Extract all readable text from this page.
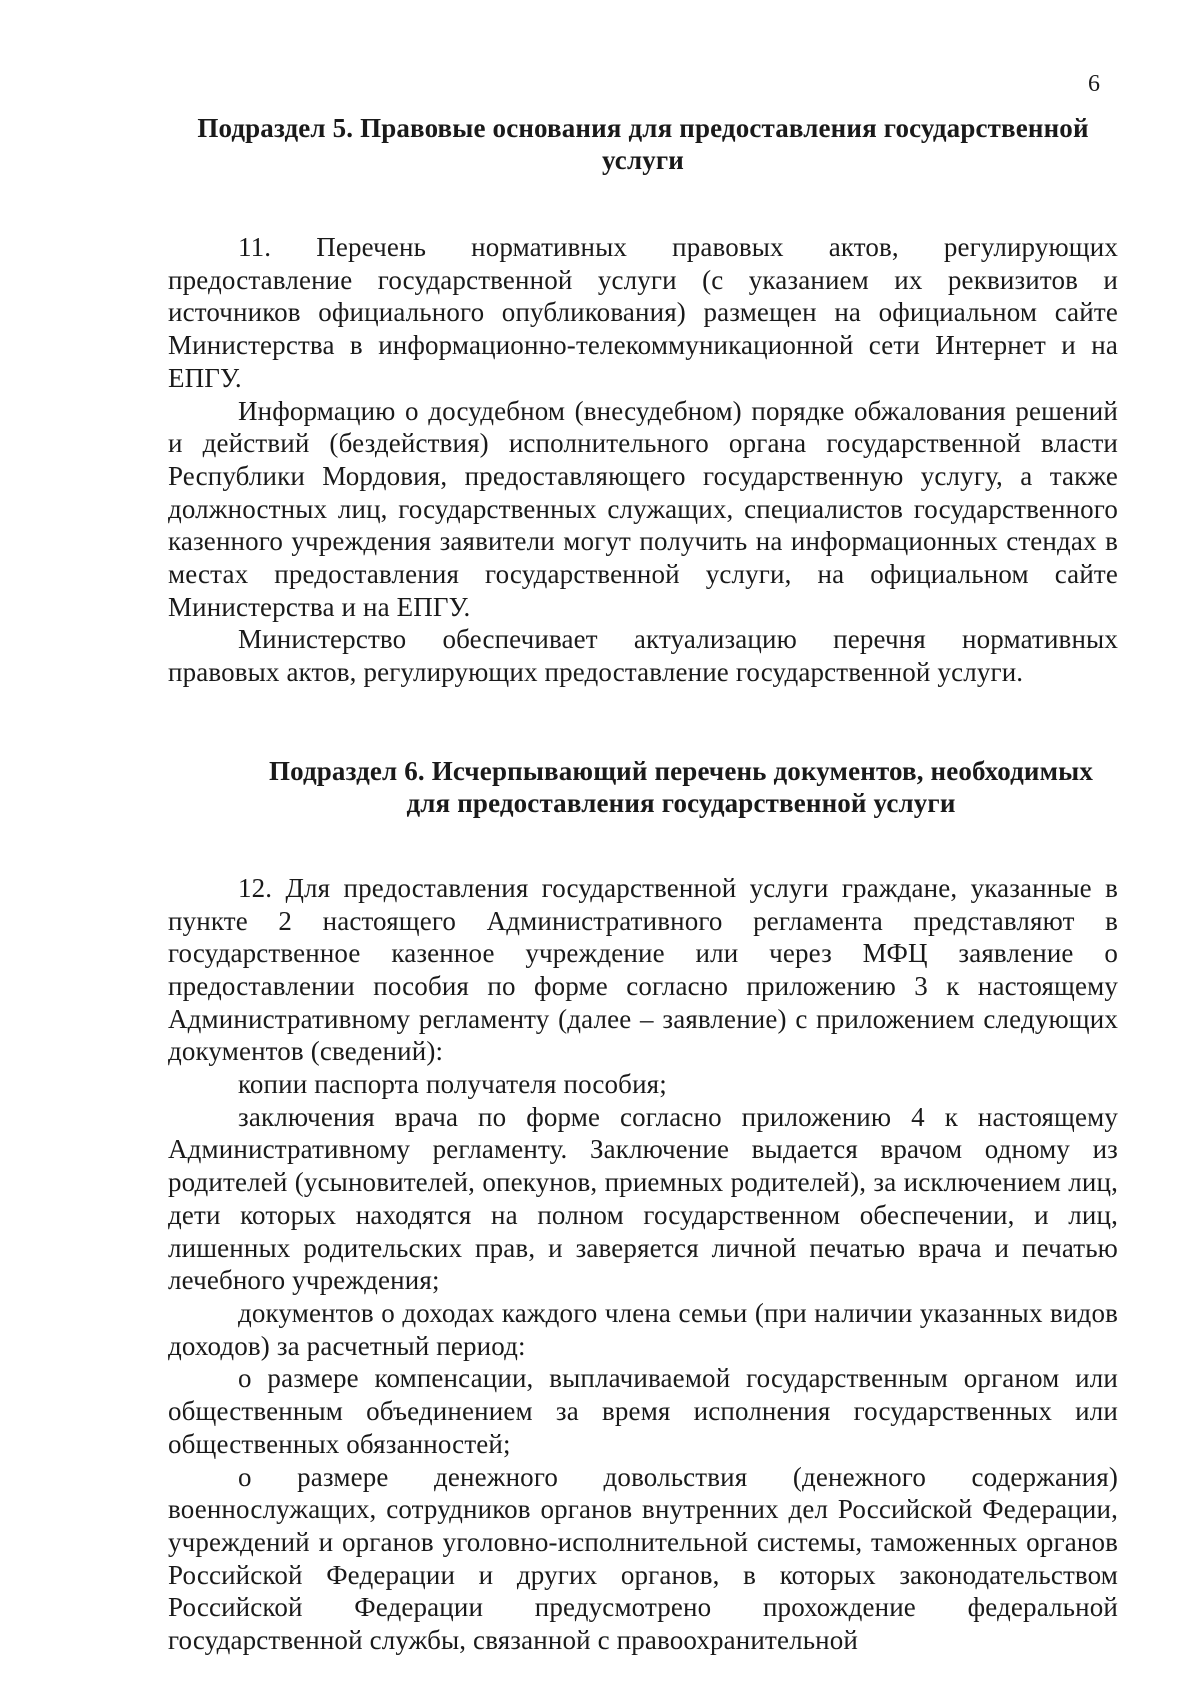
6
Подраздел 5. Правовые основания для предоставления государственной услуги

11. Перечень нормативных правовых актов, регулирующих предоставление государственной услуги (с указанием их реквизитов и источников официального опубликования) размещен на официальном сайте Министерства в информационно-телекоммуникационной сети Интернет и на ЕПГУ.

Информацию о досудебном (внесудебном) порядке обжалования решений и действий (бездействия) исполнительного органа государственной власти Республики Мордовия, предоставляющего государственную услугу, а также должностных лиц, государственных служащих, специалистов государственного казенного учреждения заявители могут получить на информационных стендах в местах предоставления государственной услуги, на официальном сайте Министерства и на ЕПГУ.

Министерство обеспечивает актуализацию перечня нормативных правовых актов, регулирующих предоставление государственной услуги.

Подраздел 6. Исчерпывающий перечень документов, необходимых для предоставления государственной услуги

12. Для предоставления государственной услуги граждане, указанные в пункте 2 настоящего Административного регламента представляют в государственное казенное учреждение или через МФЦ заявление о предоставлении пособия по форме согласно приложению 3 к настоящему Административному регламенту (далее – заявление) с приложением следующих документов (сведений):

копии паспорта получателя пособия;

заключения врача по форме согласно приложению 4 к настоящему Административному регламенту. Заключение выдается врачом одному из родителей (усыновителей, опекунов, приемных родителей), за исключением лиц, дети которых находятся на полном государственном обеспечении, и лиц, лишенных родительских прав, и заверяется личной печатью врача и печатью лечебного учреждения;

документов о доходах каждого члена семьи (при наличии указанных видов доходов) за расчетный период:

о размере компенсации, выплачиваемой государственным органом или общественным объединением за время исполнения государственных или общественных обязанностей;

о размере денежного довольствия (денежного содержания) военнослужащих, сотрудников органов внутренних дел Российской Федерации, учреждений и органов уголовно-исполнительной системы, таможенных органов Российской Федерации и других органов, в которых законодательством Российской Федерации предусмотрено прохождение федеральной государственной службы, связанной с правоохранительной
